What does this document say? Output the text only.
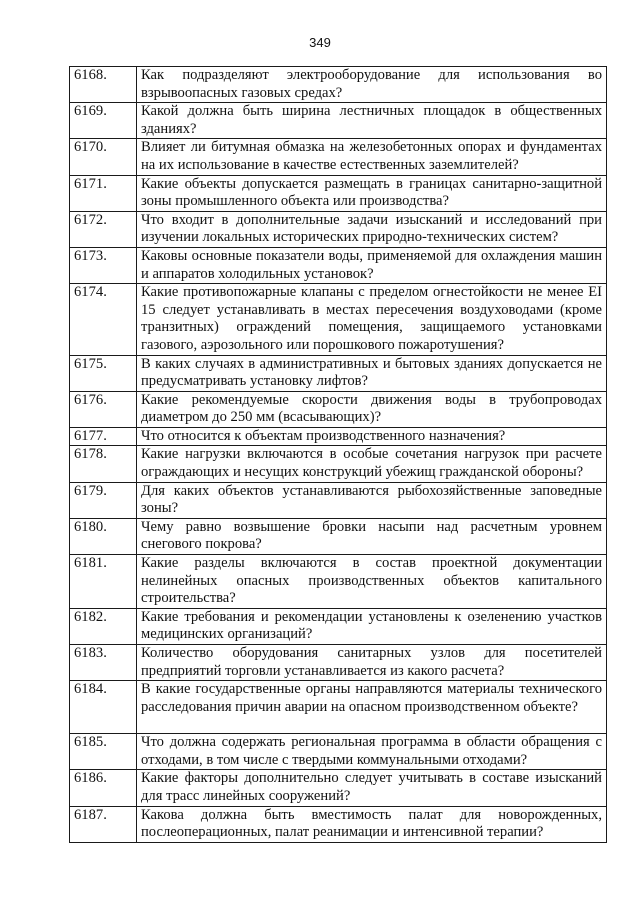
349
6168.	Как подразделяют электрооборудование для использования во взрывоопасных газовых средах?
6169.	Какой должна быть ширина лестничных площадок в общественных зданиях?
6170.	Влияет ли битумная обмазка на железобетонных опорах и фундаментах на их использование в качестве естественных заземлителей?
6171.	Какие объекты допускается размещать в границах санитарно-защитной зоны промышленного объекта или производства?
6172.	Что входит в дополнительные задачи изысканий и исследований при изучении локальных исторических природно-технических систем?
6173.	Каковы основные показатели воды, применяемой для охлаждения машин и аппаратов холодильных установок?
6174.	Какие противопожарные клапаны с пределом огнестойкости не менее EI 15 следует устанавливать в местах пересечения воздуховодами (кроме транзитных) ограждений помещения, защищаемого установками газового, аэрозольного или порошкового пожаротушения?
6175.	В каких случаях в административных и бытовых зданиях допускается не предусматривать установку лифтов?
6176.	Какие рекомендуемые скорости движения воды в трубопроводах диаметром до 250 мм (всасывающих)?
6177.	Что относится к объектам производственного назначения?
6178.	Какие нагрузки включаются в особые сочетания нагрузок при расчете ограждающих и несущих конструкций убежищ гражданской обороны?
6179.	Для каких объектов устанавливаются рыбохозяйственные заповедные зоны?
6180.	Чему равно возвышение бровки насыпи над расчетным уровнем снегового покрова?
6181.	Какие разделы включаются в состав проектной документации нелинейных опасных производственных объектов капитального строительства?
6182.	Какие требования и рекомендации установлены к озеленению участков медицинских организаций?
6183.	Количество оборудования санитарных узлов для посетителей предприятий торговли устанавливается из какого расчета?
6184.	В какие государственные органы направляются материалы технического расследования причин аварии на опасном производственном объекте?
6185.	Что должна содержать региональная программа в области обращения с отходами, в том числе с твердыми коммунальными отходами?
6186.	Какие факторы дополнительно следует учитывать в составе изысканий для трасс линейных сооружений?
6187.	Какова должна быть вместимость палат для новорожденных, послеоперационных, палат реанимации и интенсивной терапии?
